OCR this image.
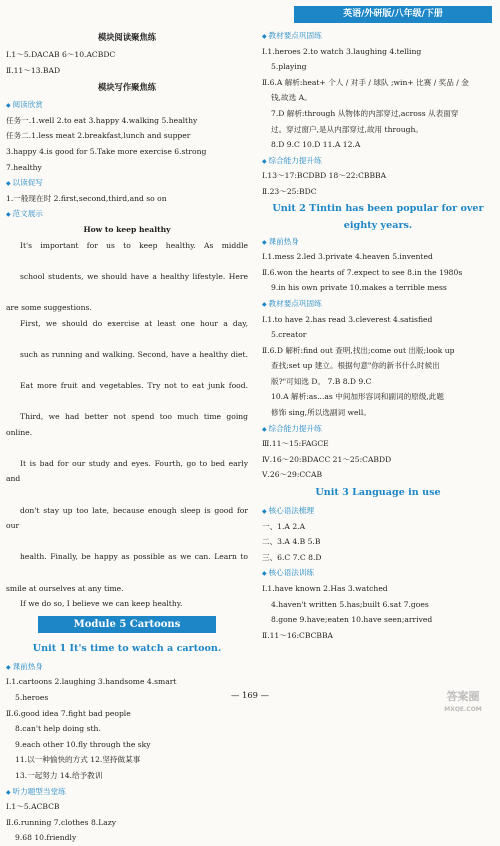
英语/外研版/八年级/下册
模块阅读聚焦练
Ⅰ.1～5.DACAB 6～10.ACBDC
Ⅱ.11～13.BAD
模块写作聚焦练
◆ 阅读欣赏
任务一.1.well 2.to eat 3.happy 4.walking 5.healthy
任务二.1.less meat 2.breakfast,lunch and supper
3.happy 4.is good for 5.Take more exercise 6.strong
7.healthy
◆ 以读促写
1.一般现在时 2.first,second,third,and so on
◆ 范文展示
How to keep healthy
It's important for us to keep healthy. As middle
school students, we should have a healthy lifestyle. Here
are some suggestions.
First, we should do exercise at least one hour a day,
such as running and walking. Second, have a healthy diet.
Eat more fruit and vegetables. Try not to eat junk food.
Third, we had better not spend too much time going online.
It is bad for our study and eyes. Fourth, go to bed early and
don't stay up too late, because enough sleep is good for our
health. Finally, be happy as possible as we can. Learn to
smile at ourselves at any time.
If we do so, I believe we can keep healthy.
Module 5 Cartoons
Unit 1 It's time to watch a cartoon.
◆ 课前热身
Ⅰ.1.cartoons 2.laughing 3.handsome 4.smart
5.heroes
Ⅱ.6.good idea 7.fight bad people
8.can't help doing sth.
9.each other 10.fly through the sky
11.以一种愉快的方式 12.坚持做某事
13.一起努力 14.给予教训
◆ 听力题型当堂练
Ⅰ.1～5.ACBCB
Ⅱ.6.running 7.clothes 8.Lazy
9.68 10.friendly
◆ 教材要点巩固练
Ⅰ.1.heroes 2.to watch 3.laughing 4.telling
5.playing
Ⅱ.6.A 解析:heat+ 个人 / 对手 / 球队 ;win+ 比赛 / 奖品 / 金
钱,故选 A。
7.D 解析:through 从物体的内部穿过,across 从表面穿
过。穿过窗户,是从内部穿过,故用 through。
8.D 9.C 10.D 11.A 12.A
◆ 综合能力提升练
Ⅰ.13～17:BCDBD 18～22:CBBBA
Ⅱ.23～25:BDC
Unit 2 Tintin has been popular for over eighty years.
◆ 课前热身
Ⅰ.1.mess 2.led 3.private 4.heaven 5.invented
Ⅱ.6.won the hearts of 7.expect to see 8.in the 1980s
9.in his own private 10.makes a terrible mess
◆ 教材要点巩固练
Ⅰ.1.to have 2.has read 3.cleverest 4.satisfied
5.creator
Ⅱ.6.D 解析:find out 查明,找出;come out 出版;look up
查找;set up 建立。根据句意"你的新书什么时候出
版?"可知选 D。 7.B 8.D 9.C
10.A 解析:as...as 中间加形容词和副词的原级,此题
修饰 sing,所以选副词 well。
◆ 综合能力提升练
Ⅲ.11～15:FAGCE
Ⅳ.16～20:BDACC 21～25:CABDD
Ⅴ.26～29:CCAB
Unit 3 Language in use
◆ 核心语法梳理
一、1.A 2.A
二、3.A 4.B 5.B
三、6.C 7.C 8.D
◆ 核心语法训练
Ⅰ.1.have known 2.Has 3.watched
4.haven't written 5.has;built 6.sat 7.goes
8.gone 9.have;eaten 10.have seen;arrived
Ⅱ.11～16:CBCBBA
— 169 —	答案圈
MXQE.COM
